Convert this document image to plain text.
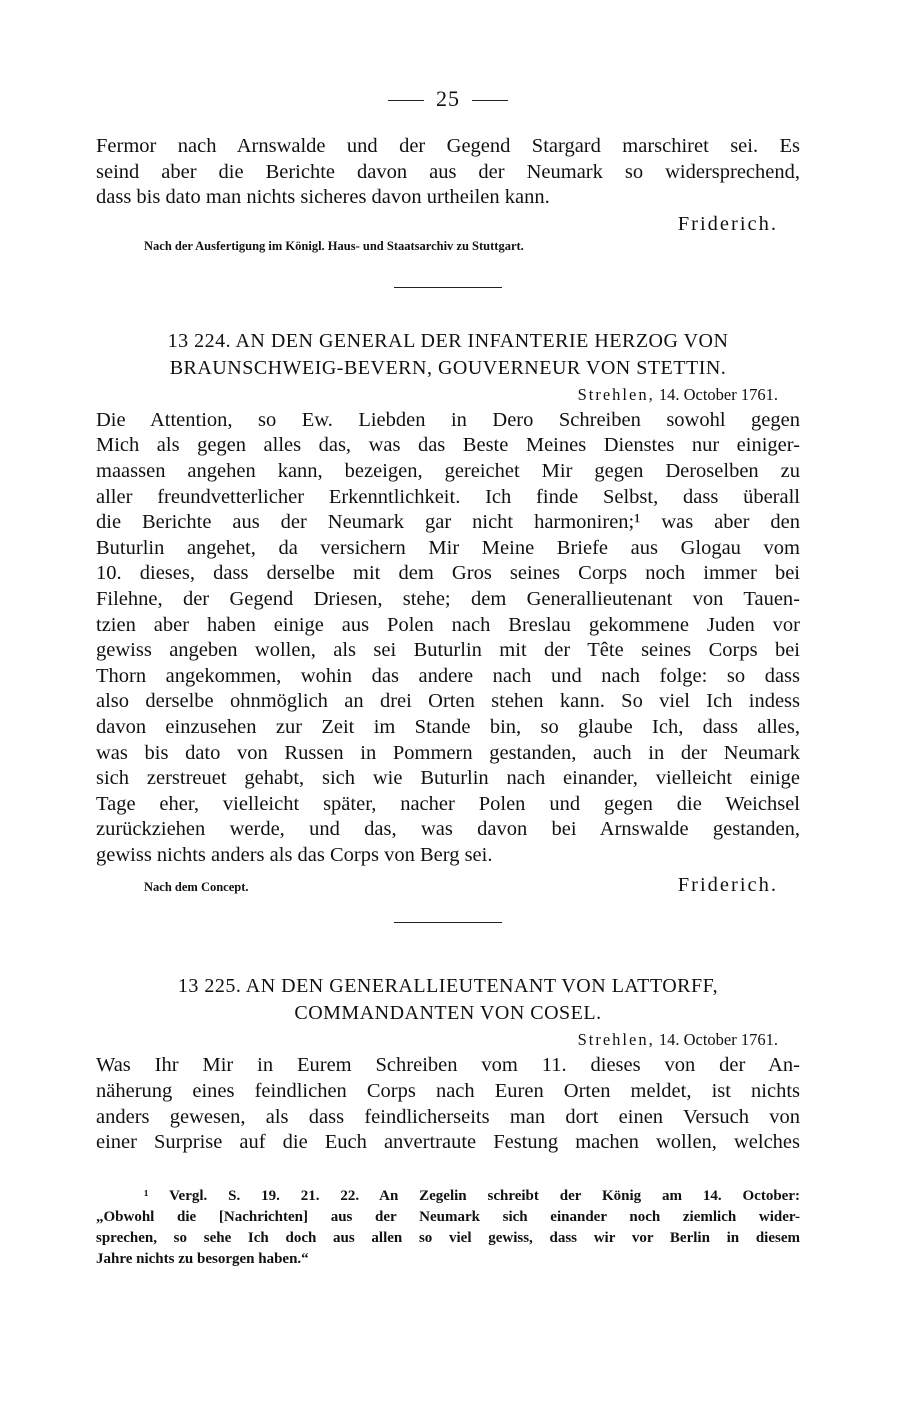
25
Fermor nach Arnswalde und der Gegend Stargard marschiret sei. Es
seind aber die Berichte davon aus der Neumark so widersprechend,
dass bis dato man nichts sicheres davon urtheilen kann.
Friderich.
Nach der Ausfertigung im Königl. Haus- und Staatsarchiv zu Stuttgart.
13 224. AN DEN GENERAL DER INFANTERIE HERZOG VON
BRAUNSCHWEIG-BEVERN, GOUVERNEUR VON STETTIN.
Strehlen, 14. October 1761.
Die Attention, so Ew. Liebden in Dero Schreiben sowohl gegen
Mich als gegen alles das, was das Beste Meines Dienstes nur einiger-
maassen angehen kann, bezeigen, gereichet Mir gegen Deroselben zu
aller freundvetterlicher Erkenntlichkeit. Ich finde Selbst, dass überall
die Berichte aus der Neumark gar nicht harmoniren;¹ was aber den
Buturlin angehet, da versichern Mir Meine Briefe aus Glogau vom
10. dieses, dass derselbe mit dem Gros seines Corps noch immer bei
Filehne, der Gegend Driesen, stehe; dem Generallieutenant von Tauen-
tzien aber haben einige aus Polen nach Breslau gekommene Juden vor
gewiss angeben wollen, als sei Buturlin mit der Tête seines Corps bei
Thorn angekommen, wohin das andere nach und nach folge: so dass
also derselbe ohnmöglich an drei Orten stehen kann. So viel Ich indess
davon einzusehen zur Zeit im Stande bin, so glaube Ich, dass alles,
was bis dato von Russen in Pommern gestanden, auch in der Neumark
sich zerstreuet gehabt, sich wie Buturlin nach einander, vielleicht einige
Tage eher, vielleicht später, nacher Polen und gegen die Weichsel
zurückziehen werde, und das, was davon bei Arnswalde gestanden,
gewiss nichts anders als das Corps von Berg sei.
Nach dem Concept.	Friderich.
13 225. AN DEN GENERALLIEUTENANT VON LATTORFF,
COMMANDANTEN VON COSEL.
Strehlen, 14. October 1761.
Was Ihr Mir in Eurem Schreiben vom 11. dieses von der An-
näherung eines feindlichen Corps nach Euren Orten meldet, ist nichts
anders gewesen, als dass feindlicherseits man dort einen Versuch von
einer Surprise auf die Euch anvertraute Festung machen wollen, welches
¹ Vergl. S. 19. 21. 22. An Zegelin schreibt der König am 14. October:
„Obwohl die [Nachrichten] aus der Neumark sich einander noch ziemlich wider-
sprechen, so sehe Ich doch aus allen so viel gewiss, dass wir vor Berlin in diesem
Jahre nichts zu besorgen haben.“
